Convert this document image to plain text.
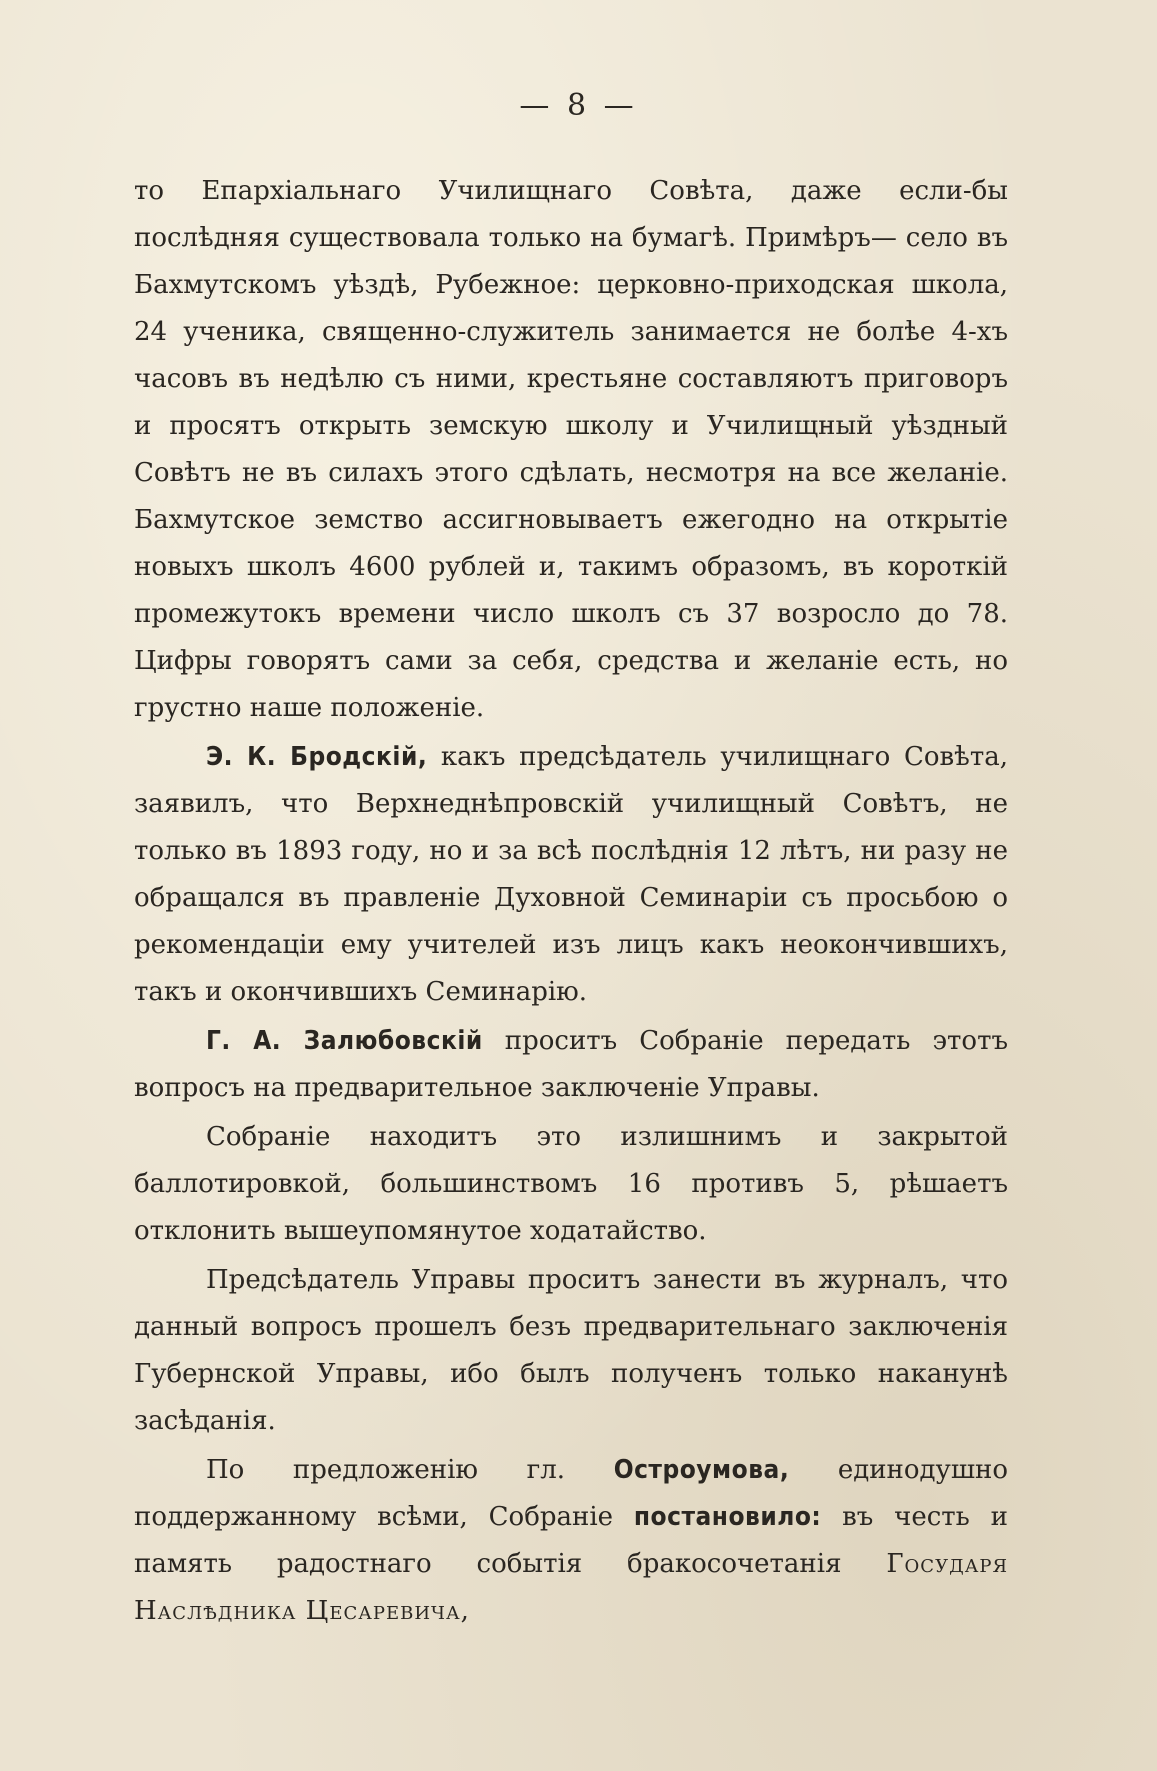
— 8 —

то Епархіальнаго Училищнаго Совѣта, даже если-бы послѣдняя существовала только на бумагѣ. Примѣръ— село въ Бахмутскомъ уѣздѣ, Рубежное: церковно-приходская школа, 24 ученика, священно-служитель занимается не болѣе 4-хъ часовъ въ недѣлю съ ними, крестьяне составляютъ приговоръ и просятъ открыть земскую школу и Училищный уѣздный Совѣтъ не въ силахъ этого сдѣлать, несмотря на все желаніе. Бахмутское земство ассигновываетъ ежегодно на открытіе новыхъ школъ 4600 рублей и, такимъ образомъ, въ короткій промежутокъ времени число школъ съ 37 возросло до 78. Цифры говорятъ сами за себя, средства и желаніе есть, но грустно наше положеніе.

Э. К. Бродскій, какъ предсѣдатель училищнаго Совѣта, заявилъ, что Верхнеднѣпровскій училищный Совѣтъ, не только въ 1893 году, но и за всѣ послѣднія 12 лѣтъ, ни разу не обращался въ правленіе Духовной Семинаріи съ просьбою о рекомендаціи ему учителей изъ лицъ какъ неокончившихъ, такъ и окончившихъ Семинарію.

Г. А. Залюбовскій проситъ Собраніе передать этотъ вопросъ на предварительное заключеніе Управы.

Собраніе находитъ это излишнимъ и закрытой баллотировкой, большинствомъ 16 противъ 5, рѣшаетъ отклонить вышеупомянутое ходатайство.

Предсѣдатель Управы проситъ занести въ журналъ, что данный вопросъ прошелъ безъ предварительнаго заключенія Губернской Управы, ибо былъ полученъ только наканунѣ засѣданія.

По предложенію гл. Остроумова, единодушно поддержанному всѣми, Собраніе постановило: въ честь и память радостнаго событія бракосочетанія Государя Наслѣдника Цесаревича,
